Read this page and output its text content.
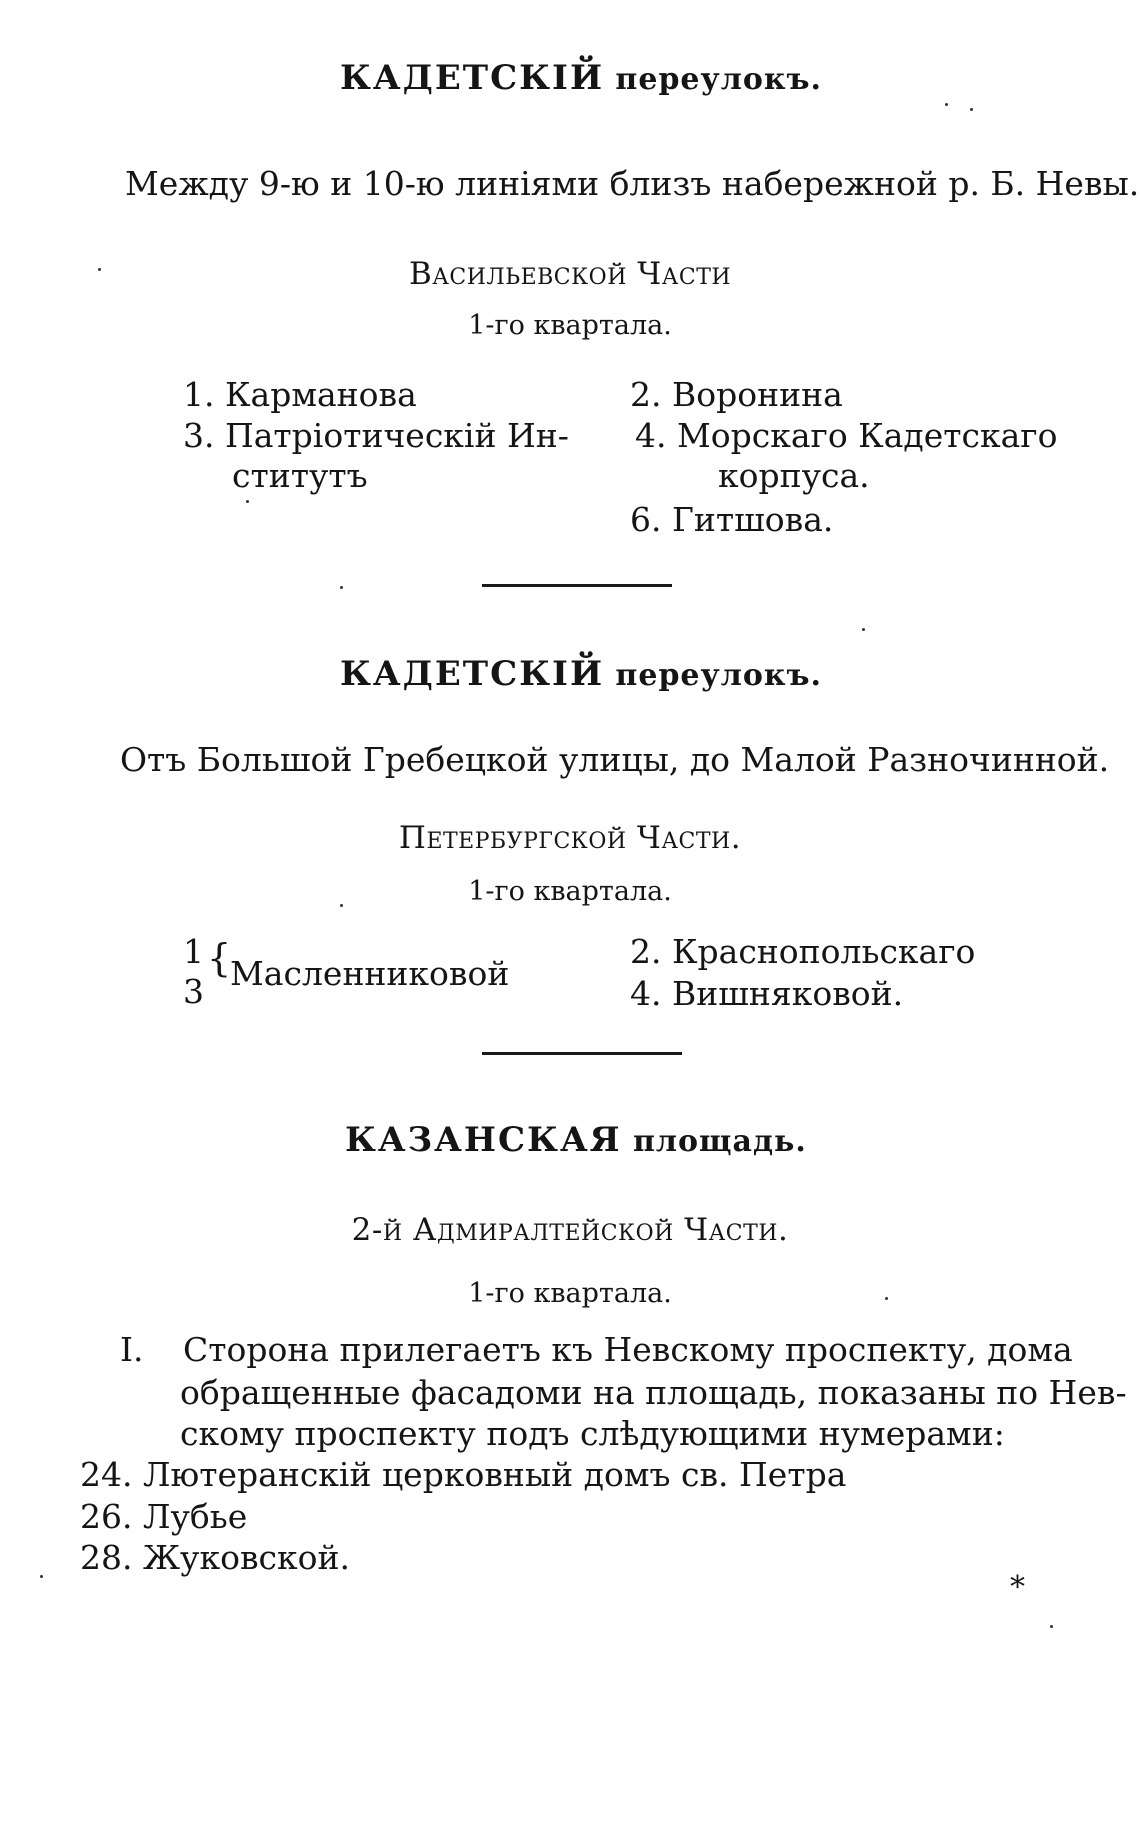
КАДЕТСКІЙ переулокъ.
Между 9-ю и 10-ю линіями близъ набережной р. Б. Невы.
Васильевской Части
1-го квартала.
1. Карманова	2. Воронина
3. Патріотическій Ин- 4. Морскаго Кадетскаго
ститутъ	корпуса.
6. Гитшова.
КАДЕТСКІЙ переулокъ.
Отъ Большой Гребецкой улицы, до Малой Разночинной.
Петербургской Части.
1-го квартала.
1
3
{
Масленниковой
2. Краснопольскаго
4. Вишняковой.
КАЗАНСКАЯ площадь.
2-й Адмиралтейской Части.
1-го квартала.
I. Сторона прилегаетъ къ Невскому проспекту, дома
обращенные фасадоми на площадь, показаны по Нев-
скому проспекту подъ слѣдующими нумерами:
24. Лютеранскій церковный домъ св. Петра
26. Лубье
28. Жуковской.
*
